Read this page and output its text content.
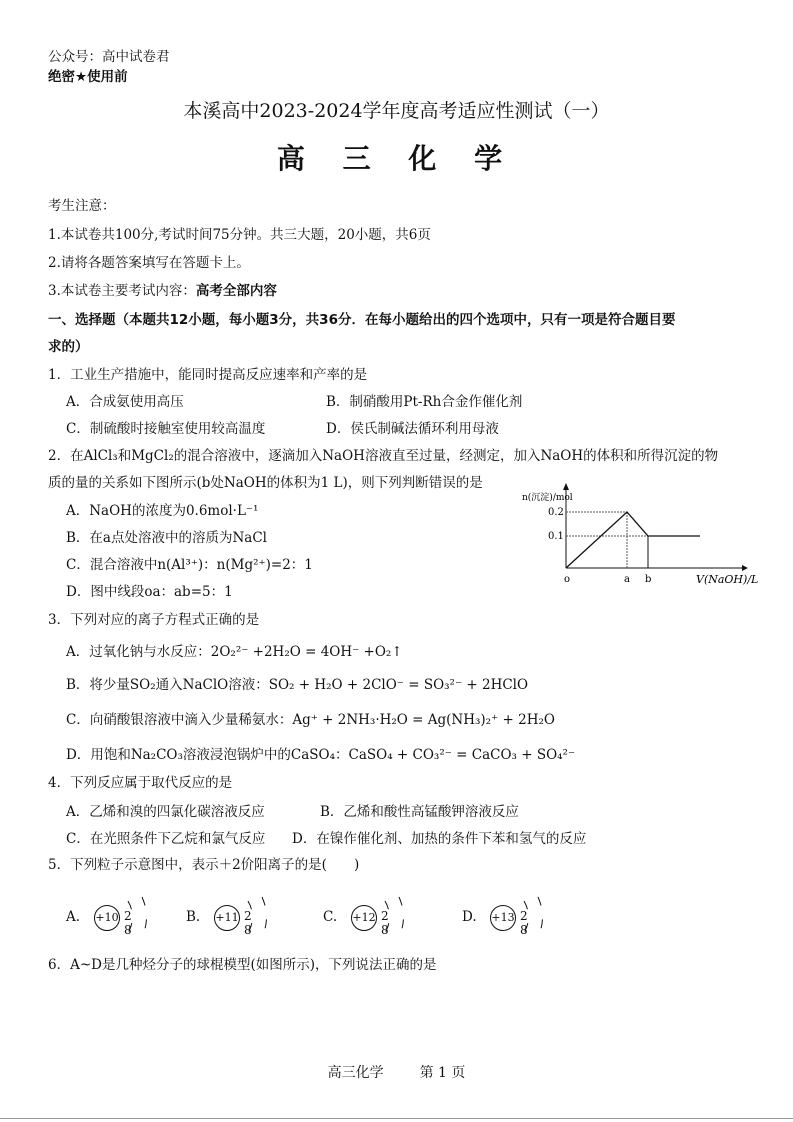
公众号：高中试卷君
绝密★使用前
本溪高中2023-2024学年度高考适应性测试（一）
高 三 化 学
考生注意：
1.本试卷共100分,考试时间75分钟。共三大题，20小题，共6页
2.请将各题答案填写在答题卡上。
3.本试卷主要考试内容：高考全部内容
一、选择题（本题共12小题，每小题3分，共36分．在每小题给出的四个选项中，只有一项是符合题目要
求的）
1．工业生产措施中，能同时提高反应速率和产率的是
A．合成氨使用高压	B．制硝酸用Pt-Rh合金作催化剂
C．制硫酸时接触室使用较高温度	D．侯氏制碱法循环利用母液
2．在AlCl₃和MgCl₂的混合溶液中，逐滴加入NaOH溶液直至过量，经测定，加入NaOH的体积和所得沉淀的物
质的量的关系如下图所示(b处NaOH的体积为1 L)，则下列判断错误的是
A．NaOH的浓度为0.6mol·L⁻¹
B．在a点处溶液中的溶质为NaCl
C．混合溶液中n(Al³⁺)：n(Mg²⁺)=2：1
D．图中线段oa：ab=5：1
n(沉淀)/mol
0.2
0.1
o	a b	V(NaOH)/L
3．下列对应的离子方程式正确的是
A．过氧化钠与水反应：2O₂²⁻ +2H₂O = 4OH⁻ +O₂↑
B．将少量SO₂通入NaClO溶液：SO₂ + H₂O + 2ClO⁻ = SO₃²⁻ + 2HClO
C．向硝酸银溶液中滴入少量稀氨水：Ag⁺ + 2NH₃·H₂O = Ag(NH₃)₂⁺ + 2H₂O
D．用饱和Na₂CO₃溶液浸泡锅炉中的CaSO₄：CaSO₄ + CO₃²⁻ = CaCO₃ + SO₄²⁻
4．下列反应属于取代反应的是
A．乙烯和溴的四氯化碳溶液反应	B．乙烯和酸性高锰酸钾溶液反应
C．在光照条件下乙烷和氯气反应 D．在镍作催化剂、加热的条件下苯和氢气的反应
5．下列粒子示意图中，表示＋2价阳离子的是(　　)
A. +10 2 8
B. +11 2 8
C. +12 2 8
D. +13 2 8
6．A~D是几种烃分子的球棍模型(如图所示)，下列说法正确的是
高三化学	第 1 页
